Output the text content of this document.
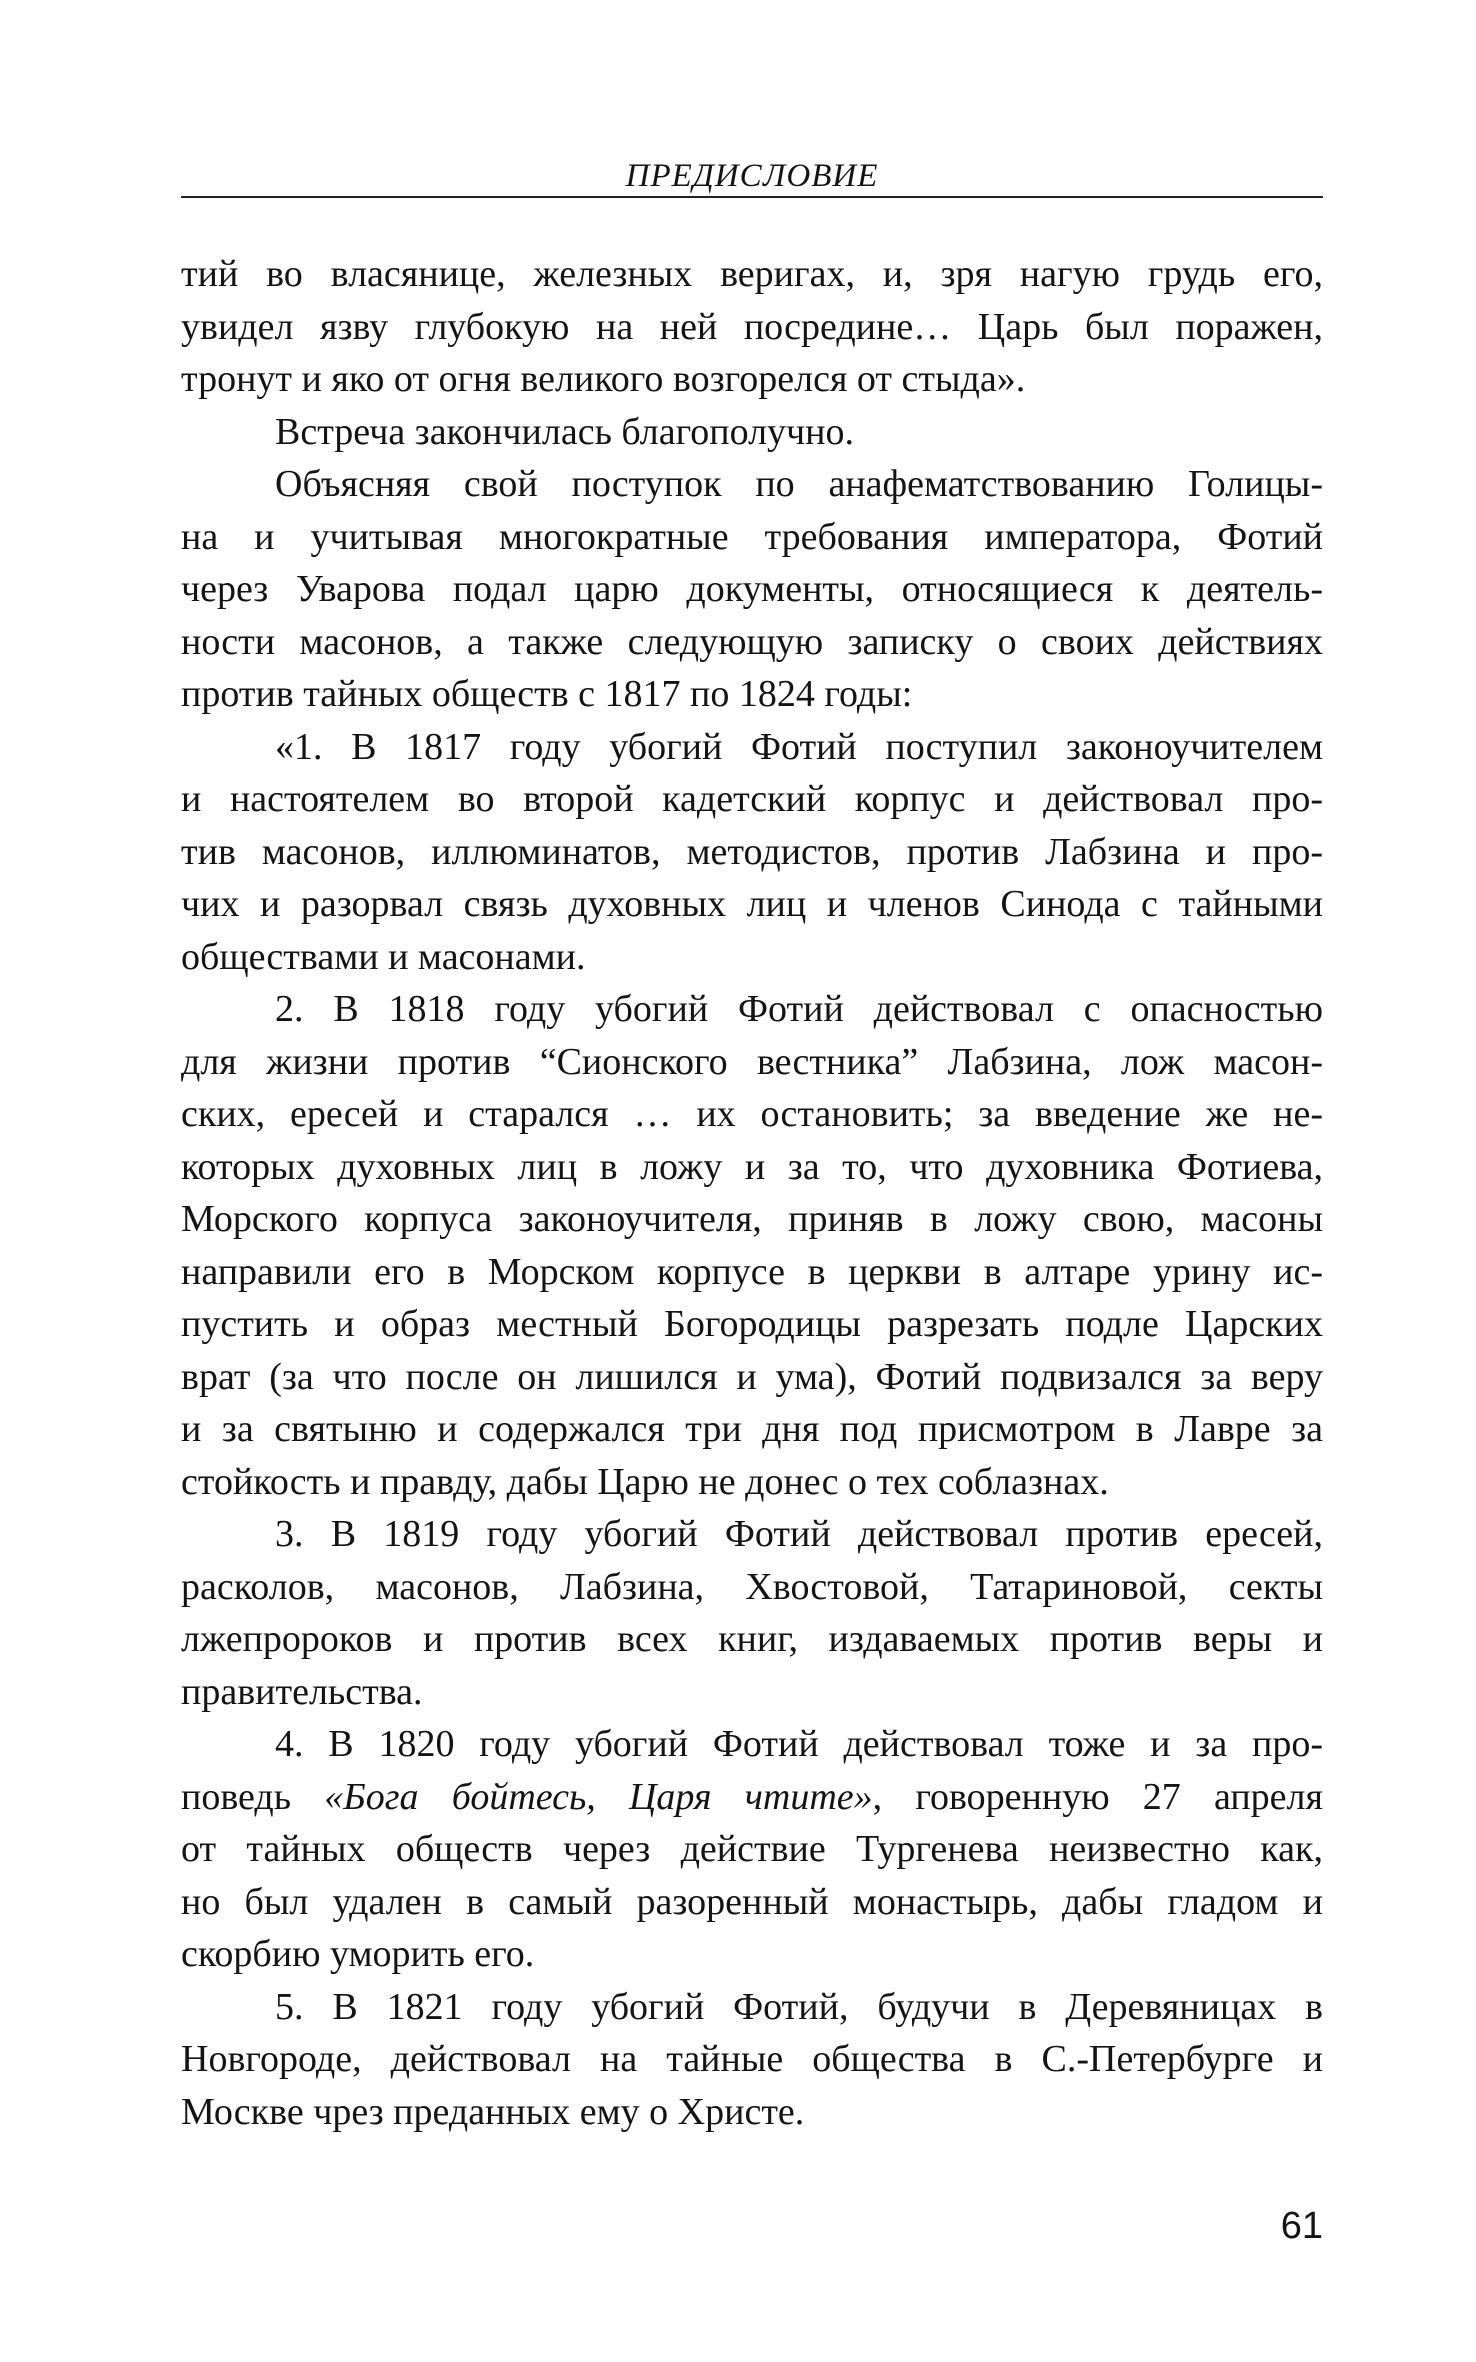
ПРЕДИСЛОВИЕ
тий во власянице, железных веригах, и, зря нагую грудь его,
увидел язву глубокую на ней посредине… Царь был поражен,
тронут и яко от огня великого возгорелся от стыда».
Встреча закончилась благополучно.
Объясняя свой поступок по анафематствованию Голицы-
на и учитывая многократные требования императора, Фотий
через Уварова подал царю документы, относящиеся к деятель-
ности масонов, а также следующую записку о своих действиях
против тайных обществ с 1817 по 1824 годы:
«1. В 1817 году убогий Фотий поступил законоучителем
и настоятелем во второй кадетский корпус и действовал про-
тив масонов, иллюминатов, методистов, против Лабзина и про-
чих и разорвал связь духовных лиц и членов Синода с тайными
обществами и масонами.
2. В 1818 году убогий Фотий действовал с опасностью
для жизни против “Сионского вестника” Лабзина, лож масон-
ских, ересей и старался … их остановить; за введение же не-
которых духовных лиц в ложу и за то, что духовника Фотиева,
Морского корпуса законоучителя, приняв в ложу свою, масоны
направили его в Морском корпусе в церкви в алтаре урину ис-
пустить и образ местный Богородицы разрезать подле Царских
врат (за что после он лишился и ума), Фотий подвизался за веру
и за святыню и содержался три дня под присмотром в Лавре за
стойкость и правду, дабы Царю не донес о тех соблазнах.
3. В 1819 году убогий Фотий действовал против ересей,
расколов, масонов, Лабзина, Хвостовой, Татариновой, секты
лжепророков и против всех книг, издаваемых против веры и
правительства.
4. В 1820 году убогий Фотий действовал тоже и за про-
поведь «Бога бойтесь, Царя чтите», говоренную 27 апреля
от тайных обществ через действие Тургенева неизвестно как,
но был удален в самый разоренный монастырь, дабы гладом и
скорбию уморить его.
5. В 1821 году убогий Фотий, будучи в Деревяницах в
Новгороде, действовал на тайные общества в С.-Петербурге и
Москве чрез преданных ему о Христе.
61
